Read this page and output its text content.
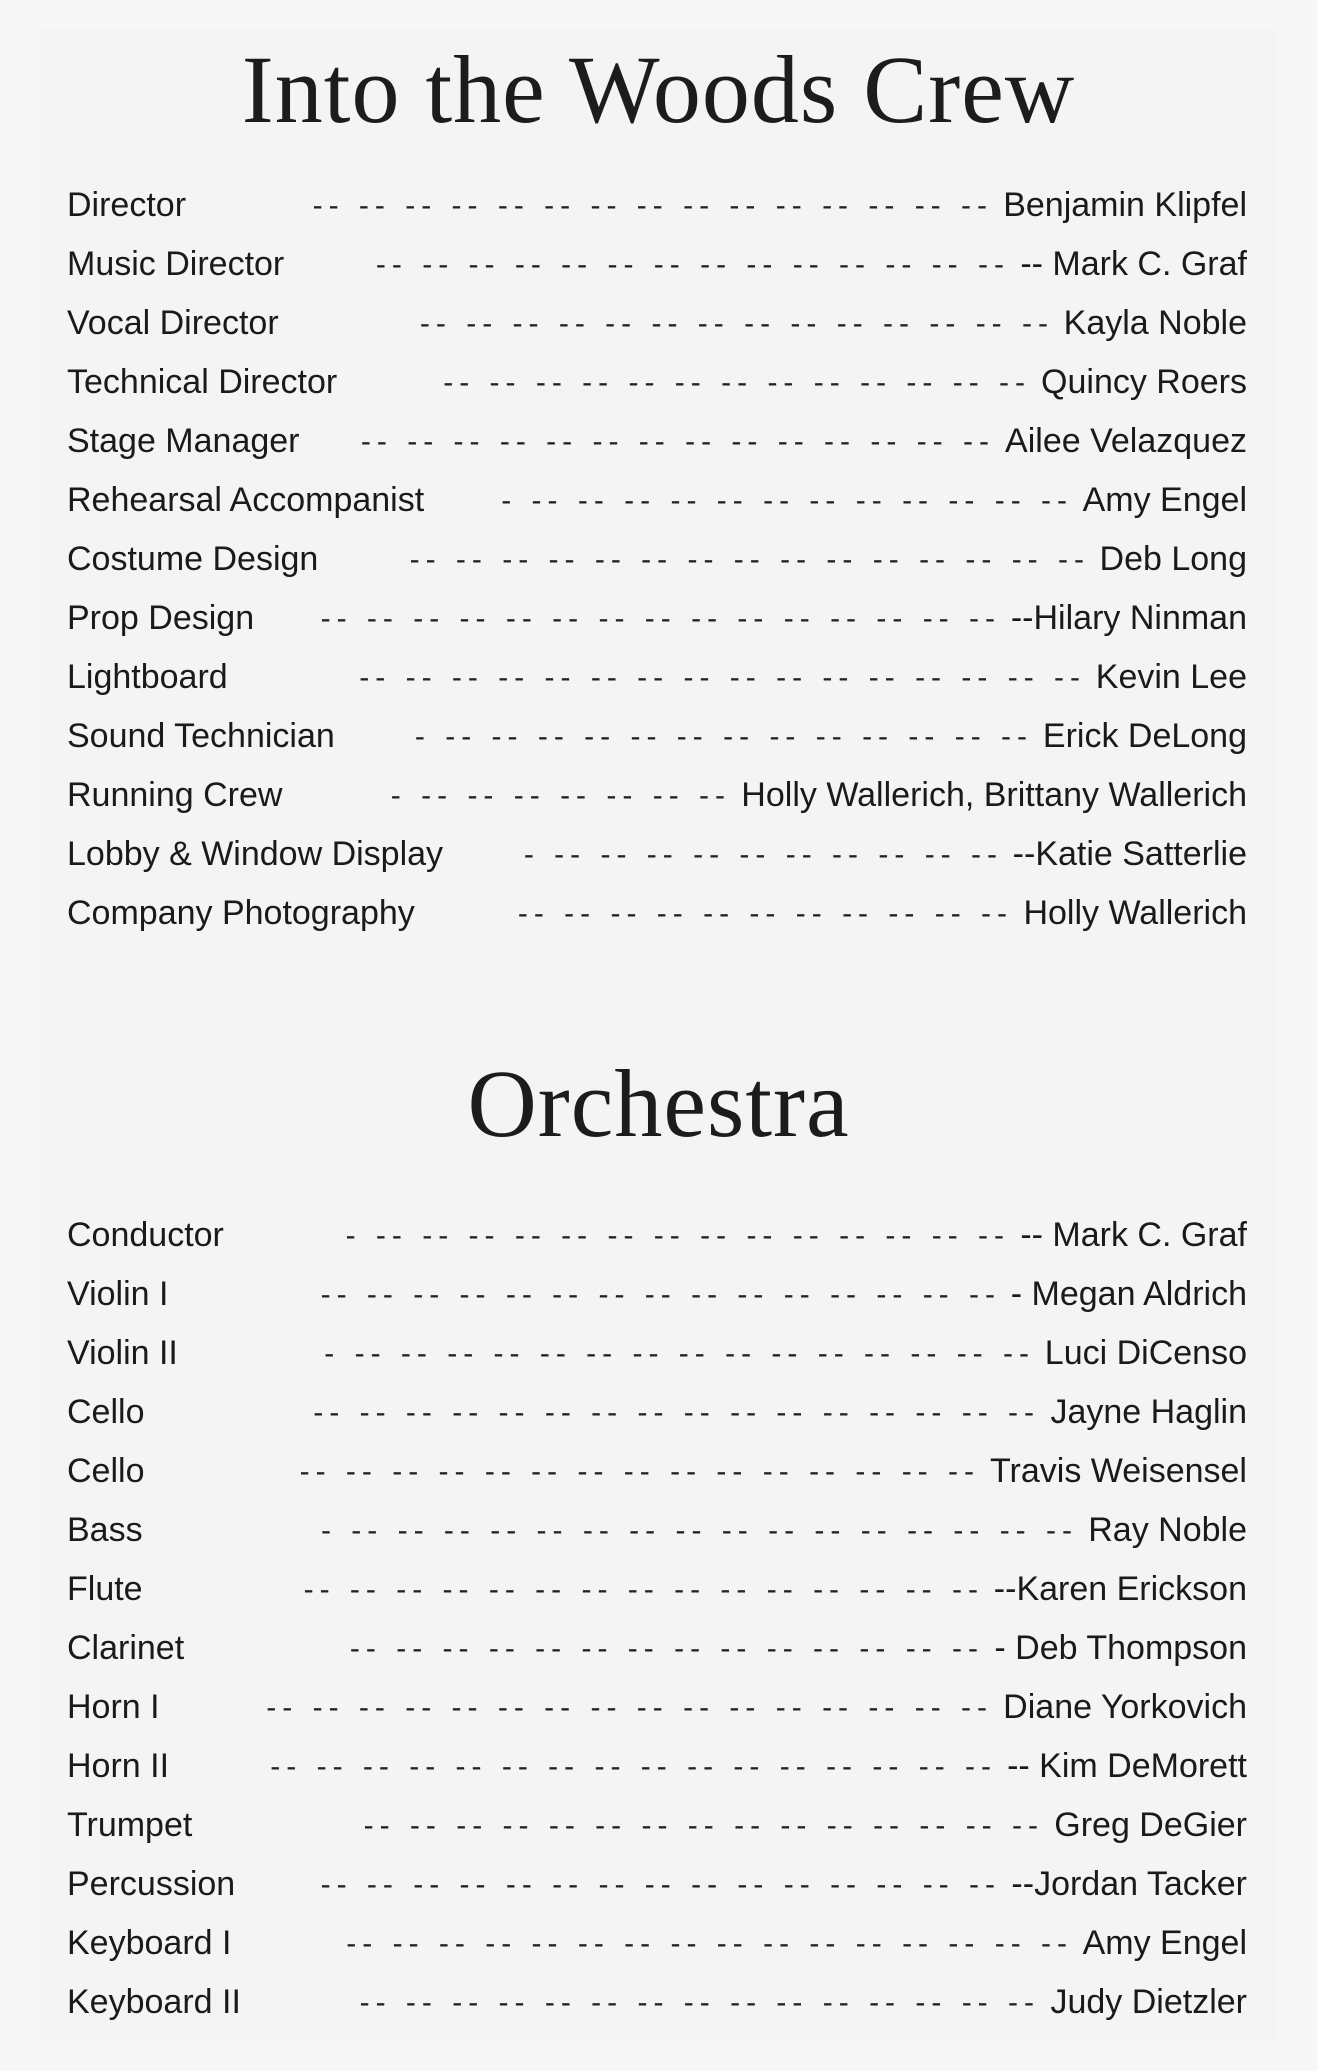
Into the Woods Crew
Director	-- -- -- -- -- -- -- -- -- -- -- -- -- -- -- Benjamin Klipfel
Music Director	-- -- -- -- -- -- -- -- -- -- -- -- -- -- -- Mark C. Graf
Vocal Director	-- -- -- -- -- -- -- -- -- -- -- -- -- -- Kayla Noble
Technical Director	-- -- -- -- -- -- -- -- -- -- -- -- -- Quincy Roers
Stage Manager	-- -- -- -- -- -- -- -- -- -- -- -- -- -- Ailee Velazquez
Rehearsal Accompanist	- -- -- -- -- -- -- -- -- -- -- -- -- Amy Engel
Costume Design	-- -- -- -- -- -- -- -- -- -- -- -- -- -- -- Deb Long
Prop Design	-- -- -- -- -- -- -- -- -- -- -- -- -- -- -- --Hilary Ninman
Lightboard	-- -- -- -- -- -- -- -- -- -- -- -- -- -- -- -- Kevin Lee
Sound Technician	- -- -- -- -- -- -- -- -- -- -- -- -- -- Erick DeLong
Running Crew	- -- -- -- -- -- -- -- Holly Wallerich, Brittany Wallerich
Lobby & Window Display	- -- -- -- -- -- -- -- -- -- -- --Katie Satterlie
Company Photography	-- -- -- -- -- -- -- -- -- -- -- Holly Wallerich
Orchestra
Conductor	- -- -- -- -- -- -- -- -- -- -- -- -- -- -- -- Mark C. Graf
Violin I	-- -- -- -- -- -- -- -- -- -- -- -- -- -- -- - Megan Aldrich
Violin II	- -- -- -- -- -- -- -- -- -- -- -- -- -- -- -- Luci DiCenso
Cello	-- -- -- -- -- -- -- -- -- -- -- -- -- -- -- -- Jayne Haglin
Cello	-- -- -- -- -- -- -- -- -- -- -- -- -- -- -- Travis Weisensel
Bass	- -- -- -- -- -- -- -- -- -- -- -- -- -- -- -- -- Ray Noble
Flute	-- -- -- -- -- -- -- -- -- -- -- -- -- -- -- --Karen Erickson
Clarinet	-- -- -- -- -- -- -- -- -- -- -- -- -- -- - Deb Thompson
Horn I	-- -- -- -- -- -- -- -- -- -- -- -- -- -- -- -- Diane Yorkovich
Horn II	-- -- -- -- -- -- -- -- -- -- -- -- -- -- -- -- -- Kim DeMorett
Trumpet	-- -- -- -- -- -- -- -- -- -- -- -- -- -- -- Greg DeGier
Percussion	-- -- -- -- -- -- -- -- -- -- -- -- -- -- -- --Jordan Tacker
Keyboard I	-- -- -- -- -- -- -- -- -- -- -- -- -- -- -- -- Amy Engel
Keyboard II	-- -- -- -- -- -- -- -- -- -- -- -- -- -- -- Judy Dietzler
